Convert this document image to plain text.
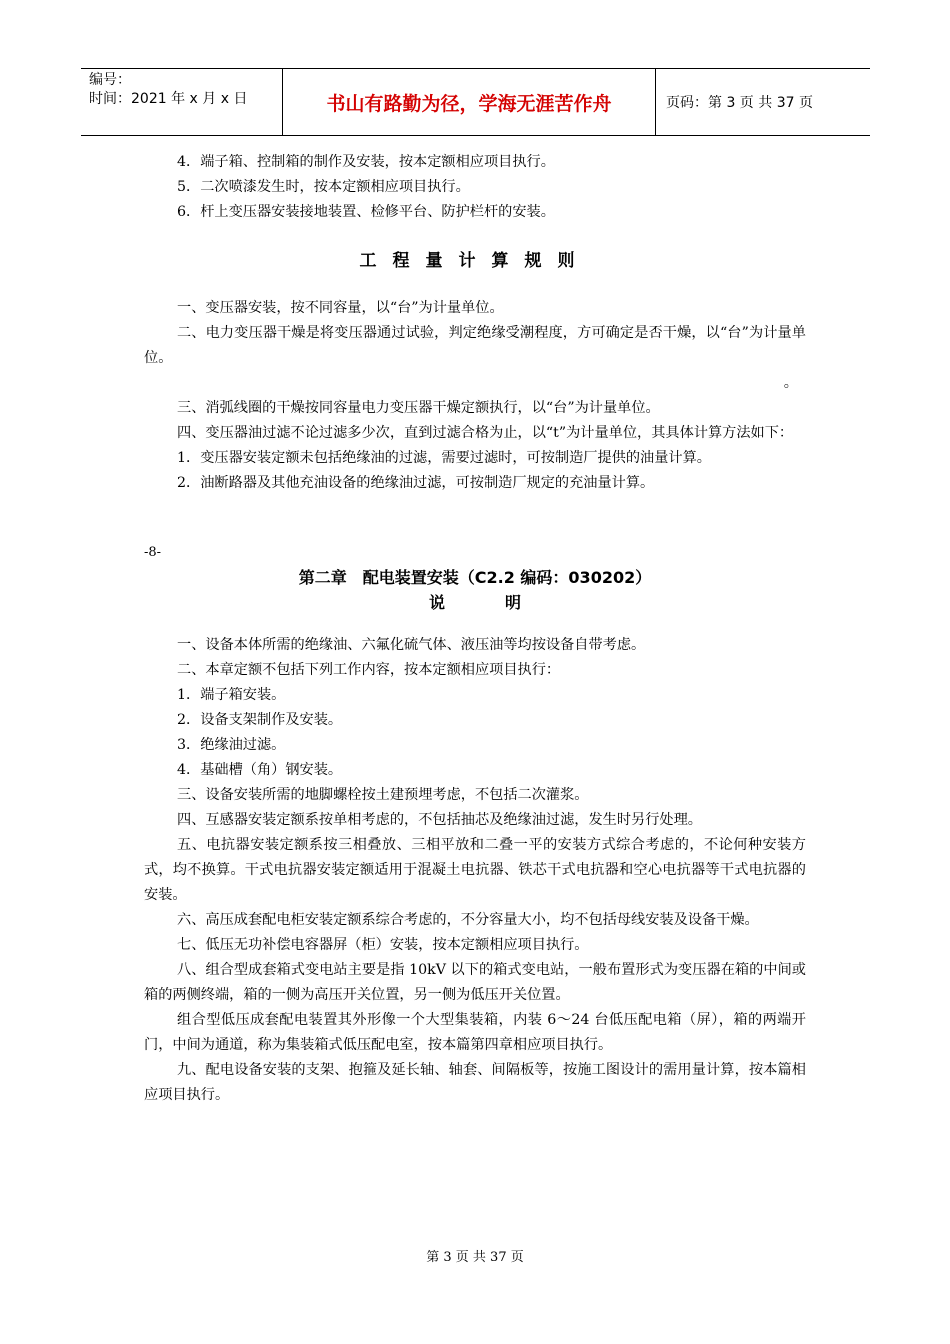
编号：
时间：2021 年 x 月 x 日	书山有路勤为径，学海无涯苦作舟	页码：第 3 页 共 37 页

4．端子箱、控制箱的制作及安装，按本定额相应项目执行。

5．二次喷漆发生时，按本定额相应项目执行。

6．杆上变压器安装接地装置、检修平台、防护栏杆的安装。

工程量计算规则

一、变压器安装，按不同容量，以“台”为计量单位。

二、电力变压器干燥是将变压器通过试验，判定绝缘受潮程度，方可确定是否干燥，以“台”为计量单位。

。

三、消弧线圈的干燥按同容量电力变压器干燥定额执行，以“台”为计量单位。

四、变压器油过滤不论过滤多少次，直到过滤合格为止，以“t”为计量单位，其具体计算方法如下：

1．变压器安装定额未包括绝缘油的过滤，需要过滤时，可按制造厂提供的油量计算。

2．油断路器及其他充油设备的绝缘油过滤，可按制造厂规定的充油量计算。

-8-

第二章　配电装置安装（C2.2 编码：030202）

说明

一、设备本体所需的绝缘油、六氟化硫气体、液压油等均按设备自带考虑。

二、本章定额不包括下列工作内容，按本定额相应项目执行：

1．端子箱安装。

2．设备支架制作及安装。

3．绝缘油过滤。

4．基础槽（角）钢安装。

三、设备安装所需的地脚螺栓按土建预埋考虑，不包括二次灌浆。

四、互感器安装定额系按单相考虑的，不包括抽芯及绝缘油过滤，发生时另行处理。

五、电抗器安装定额系按三相叠放、三相平放和二叠一平的安装方式综合考虑的，不论何种安装方式，均不换算。干式电抗器安装定额适用于混凝土电抗器、铁芯干式电抗器和空心电抗器等干式电抗器的安装。

六、高压成套配电柜安装定额系综合考虑的，不分容量大小，均不包括母线安装及设备干燥。

七、低压无功补偿电容器屏（柜）安装，按本定额相应项目执行。

八、组合型成套箱式变电站主要是指 10kV 以下的箱式变电站，一般布置形式为变压器在箱的中间或箱的两侧终端，箱的一侧为高压开关位置，另一侧为低压开关位置。

组合型低压成套配电装置其外形像一个大型集装箱，内装 6～24 台低压配电箱（屏），箱的两端开门，中间为通道，称为集装箱式低压配电室，按本篇第四章相应项目执行。

九、配电设备安装的支架、抱箍及延长轴、轴套、间隔板等，按施工图设计的需用量计算，按本篇相应项目执行。

第 3 页 共 37 页
